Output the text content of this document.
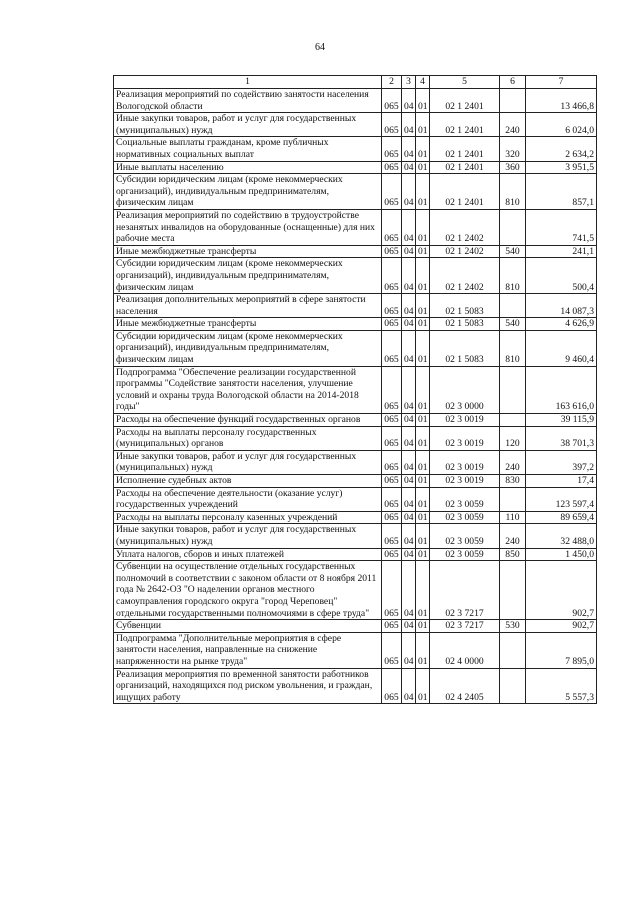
64
1	2	3	4	5	6	7
Реализация мероприятий по содействию занятости населения Вологодской области	065	04	01	02 1 2401		13 466,8
Иные закупки товаров, работ и услуг для государственных (муниципальных) нужд	065	04	01	02 1 2401	240	6 024,0
Социальные выплаты гражданам, кроме публичных нормативных социальных выплат	065	04	01	02 1 2401	320	2 634,2
Иные выплаты населению	065	04	01	02 1 2401	360	3 951,5
Субсидии юридическим лицам (кроме некоммерческих организаций), индивидуальным предпринимателям, физическим лицам	065	04	01	02 1 2401	810	857,1
Реализация мероприятий по содействию в трудоустройстве незанятых инвалидов на оборудованные (оснащенные) для них рабочие места	065	04	01	02 1 2402		741,5
Иные межбюджетные трансферты	065	04	01	02 1 2402	540	241,1
Субсидии юридическим лицам (кроме некоммерческих организаций), индивидуальным предпринимателям, физическим лицам	065	04	01	02 1 2402	810	500,4
Реализация дополнительных мероприятий в сфере занятости населения	065	04	01	02 1 5083		14 087,3
Иные межбюджетные трансферты	065	04	01	02 1 5083	540	4 626,9
Субсидии юридическим лицам (кроме некоммерческих организаций), индивидуальным предпринимателям, физическим лицам	065	04	01	02 1 5083	810	9 460,4
Подпрограмма "Обеспечение реализации государственной программы "Содействие занятости населения, улучшение условий и охраны труда Вологодской области на 2014-2018 годы"	065	04	01	02 3 0000		163 616,0
Расходы на обеспечение функций государственных органов	065	04	01	02 3 0019		39 115,9
Расходы на выплаты персоналу государственных (муниципальных) органов	065	04	01	02 3 0019	120	38 701,3
Иные закупки товаров, работ и услуг для государственных (муниципальных) нужд	065	04	01	02 3 0019	240	397,2
Исполнение судебных актов	065	04	01	02 3 0019	830	17,4
Расходы на обеспечение деятельности (оказание услуг) государственных учреждений	065	04	01	02 3 0059		123 597,4
Расходы на выплаты персоналу казенных учреждений	065	04	01	02 3 0059	110	89 659,4
Иные закупки товаров, работ и услуг для государственных (муниципальных) нужд	065	04	01	02 3 0059	240	32 488,0
Уплата налогов, сборов и иных платежей	065	04	01	02 3 0059	850	1 450,0
Субвенции на осуществление отдельных государственных полномочий в соответствии с законом области от 8 ноября 2011 года № 2642-ОЗ "О наделении органов местного самоуправления городского округа "город Череповец" отдельными государственными полномочиями в сфере труда"	065	04	01	02 3 7217		902,7
Субвенции	065	04	01	02 3 7217	530	902,7
Подпрограмма "Дополнительные мероприятия в сфере занятости населения, направленные на снижение напряженности на рынке труда"	065	04	01	02 4 0000		7 895,0
Реализация мероприятия по временной занятости работников организаций, находящихся под риском увольнения, и граждан, ищущих работу	065	04	01	02 4 2405		5 557,3
